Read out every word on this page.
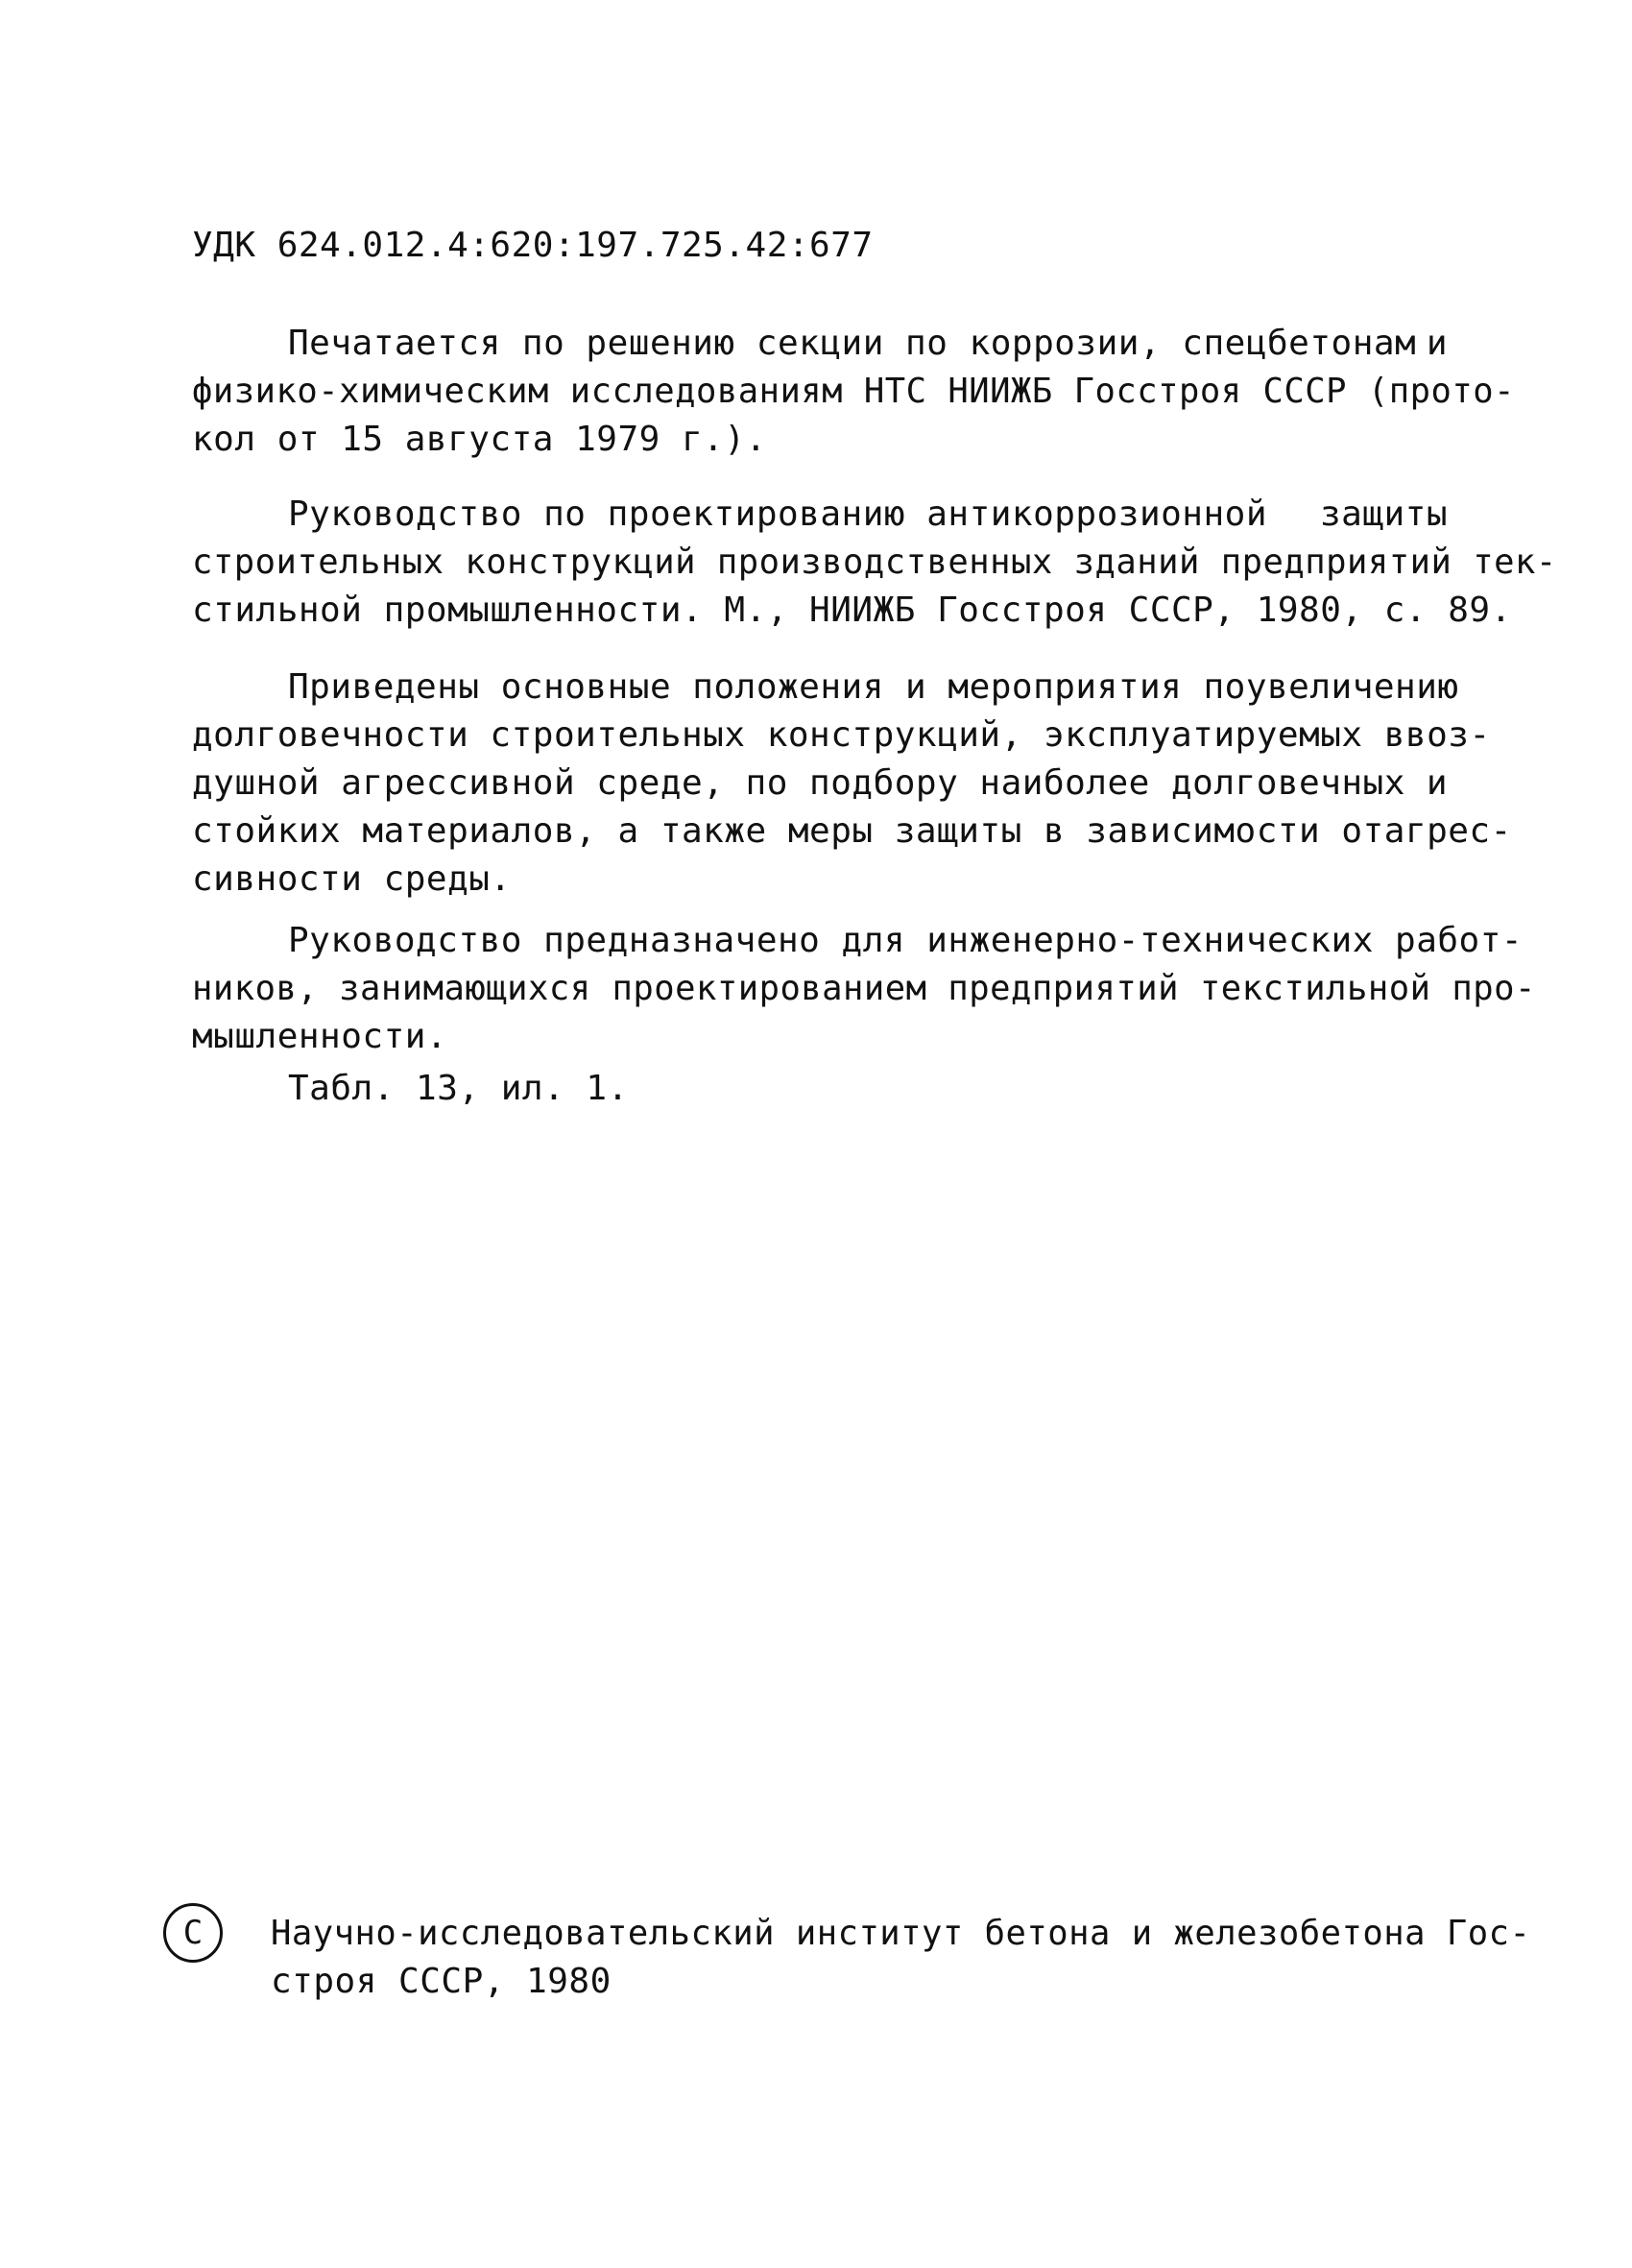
УДК 624.012.4:620:197.725.42:677
Печатается по решению секции по коррозии, спецбетонам и
физико-химическим исследованиям НТС НИИЖБ Госстроя СССР (прото-
кол от 15 августа 1979 г.).
Руководство по проектированию антикоррозионной защиты
строительных конструкций производственных зданий предприятий тек-
стильной промышленности. М., НИИЖБ Госстроя СССР, 1980, с. 89.
Приведены основные положения и мероприятия по увеличению
долговечности строительных конструкций, эксплуатируемых в воз-
душной агрессивной среде, по подбору наиболее долговечных и
стойких материалов, а также меры защиты в зависимости от агрес-
сивности среды.
Руководство предназначено для инженерно-технических работ-
ников, занимающихся проектированием предприятий текстильной про-
мышленности.
Табл. 13, ил. 1.
С	Научно-исследовательский институт бетона и железобетона Гос-
строя СССР, 1980
